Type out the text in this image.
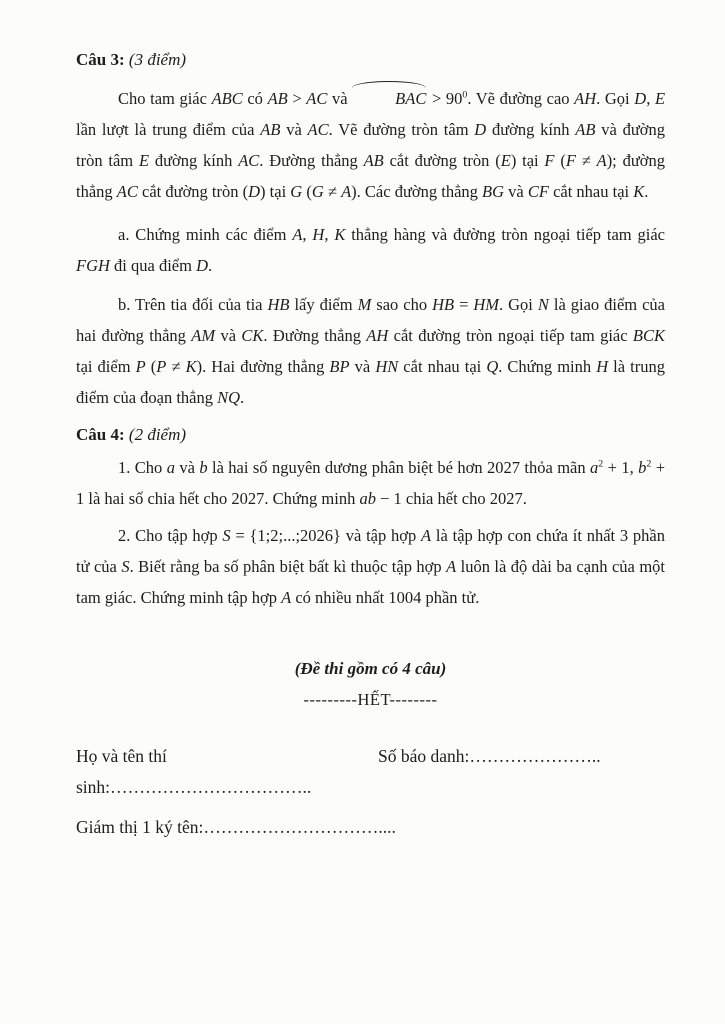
Câu 3: (3 điểm)

Cho tam giác ABC có AB > AC và	BAC > $90^0$. Vẽ đường cao AH. Gọi D, E lần lượt là trung điểm của AB và AC. Vẽ đường tròn tâm D đường kính AB và đường tròn tâm E đường kính AC. Đường thẳng AB cắt đường tròn (E) tại F (F ≠ A); đường thẳng AC cắt đường tròn (D) tại G (G ≠ A). Các đường thẳng BG và CF cắt nhau tại K.

a. Chứng minh các điểm A, H, K thẳng hàng và đường tròn ngoại tiếp tam giác FGH đi qua điểm D.

b. Trên tia đối của tia HB lấy điểm M sao cho HB = HM. Gọi N là giao điểm của hai đường thẳng AM và CK. Đường thẳng AH cắt đường tròn ngoại tiếp tam giác BCK tại điểm P (P ≠ K). Hai đường thẳng BP và HN cắt nhau tại Q. Chứng minh H là trung điểm của đoạn thẳng NQ.

Câu 4: (2 điểm)

1. Cho a và b là hai số nguyên dương phân biệt bé hơn 2027 thỏa mãn $a^2 + 1$, $b^2 + 1$ là hai số chia hết cho 2027. Chứng minh ab − 1 chia hết cho 2027.

2. Cho tập hợp S = {1;2;...;2026} và tập hợp A là tập hợp con chứa ít nhất 3 phần tử của S. Biết rằng ba số phân biệt bất kì thuộc tập hợp A luôn là độ dài ba cạnh của một tam giác. Chứng minh tập hợp A có nhiều nhất 1004 phần tử.

(Đề thi gồm có 4 câu)

---------HẾT--------

Họ và tên thí sinh:……………………………..
Số báo danh:…………………..
Giám thị 1 ký tên:…………………………....
